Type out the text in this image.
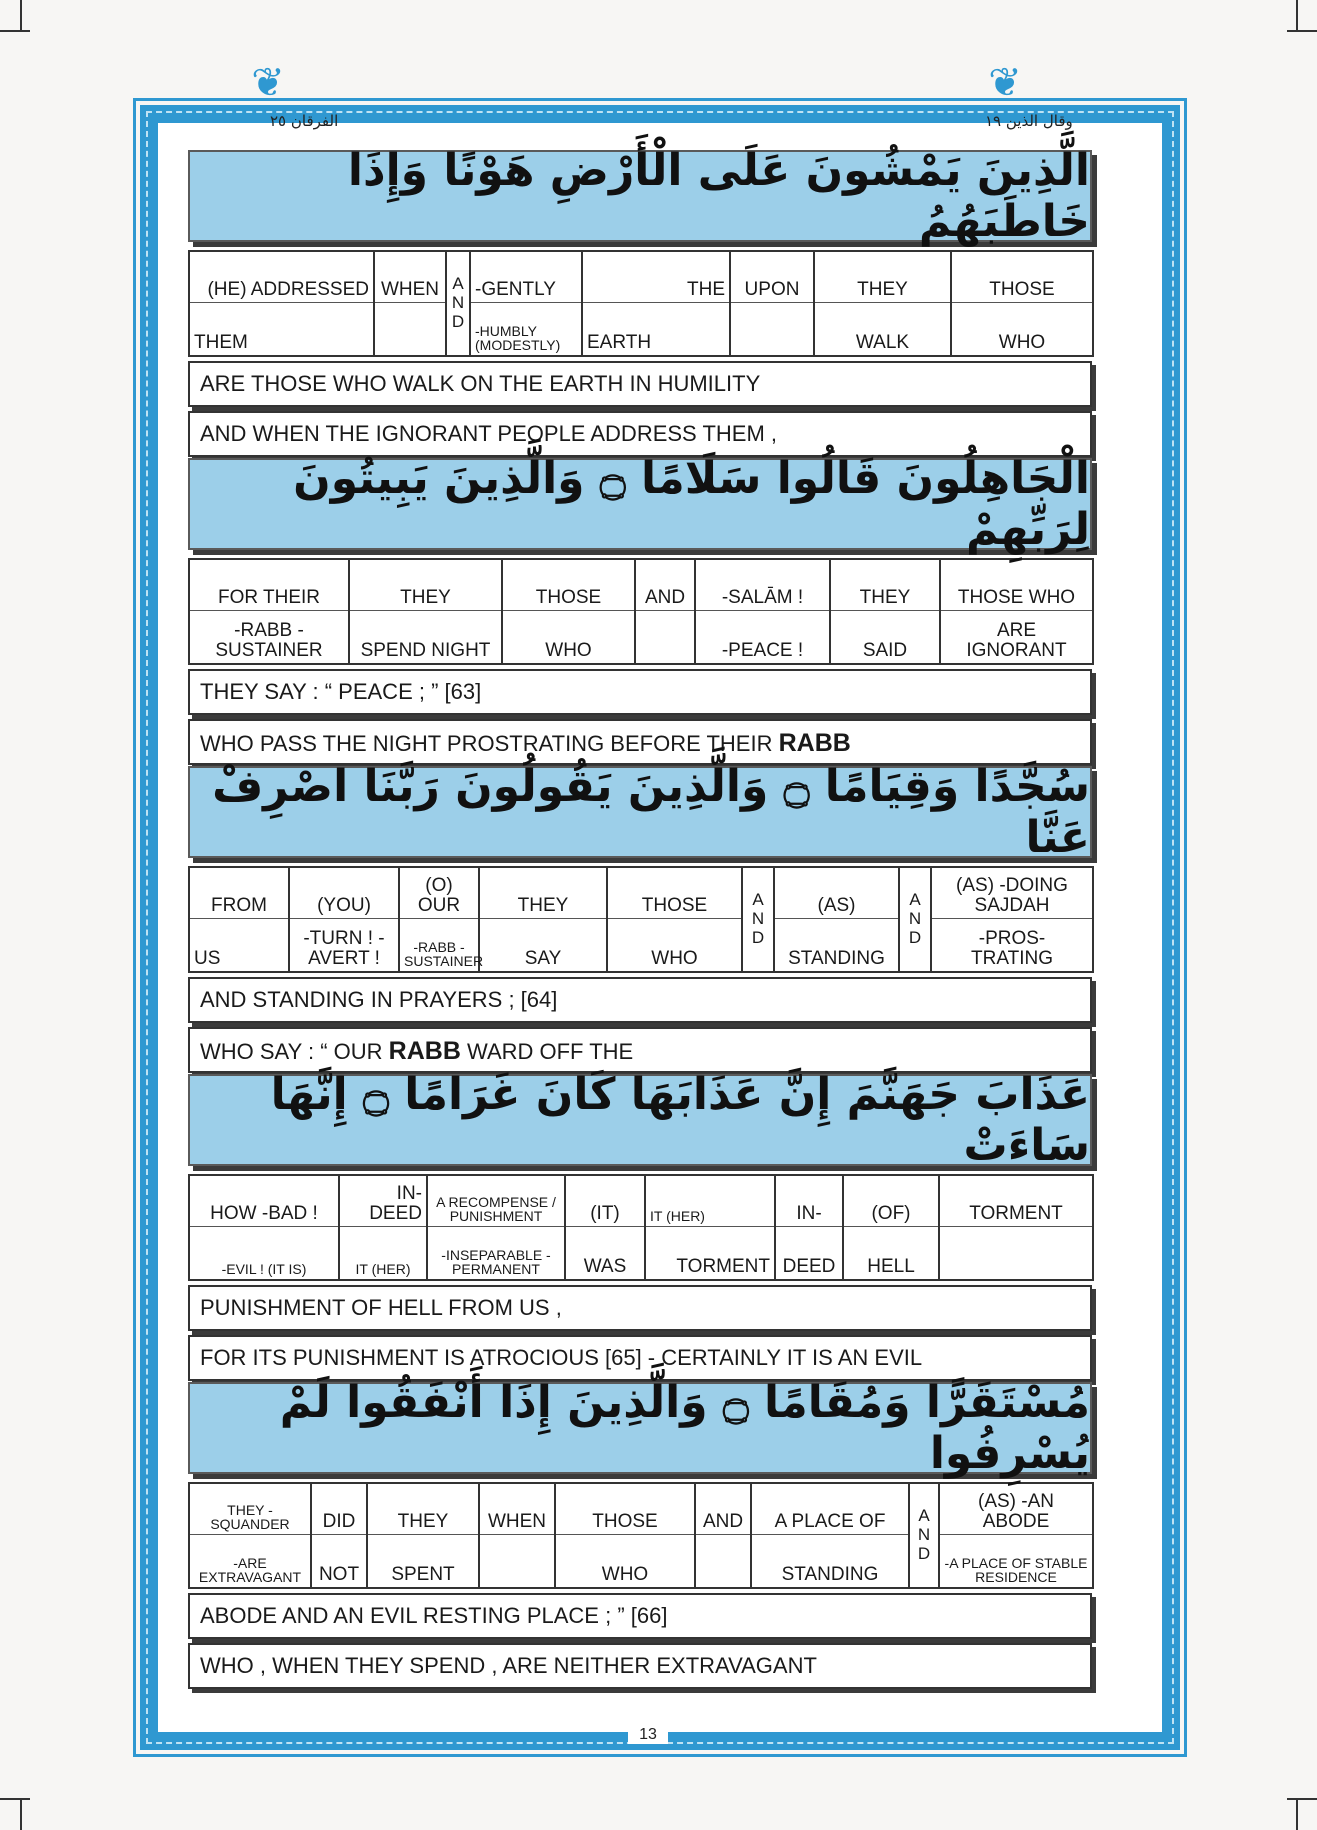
❦	❦
الفرقان ٢٥	وقال الذين ١٩
الَّذِينَ يَمْشُونَ عَلَى الْأَرْضِ هَوْنًا وَإِذَا خَاطَبَهُمُ
(HE) ADDRESSED	WHEN	A N D	-GENTLY	THE	UPON	THEY	THOSE
THEM			-HUMBLY (MODESTLY)	EARTH		WALK	WHO
ARE THOSE WHO WALK ON THE EARTH IN HUMILITY
AND WHEN THE IGNORANT PEOPLE ADDRESS THEM ,
الْجَاهِلُونَ قَالُوا سَلَامًا ۝ وَالَّذِينَ يَبِيتُونَ لِرَبِّهِمْ
FOR THEIR	THEY	THOSE	AND	-SALĀM !	THEY	THOSE WHO
-RABB -SUSTAINER	SPEND NIGHT	WHO		-PEACE !	SAID	ARE IGNORANT
THEY SAY : “ PEACE ; ” [63]
WHO PASS THE NIGHT PROSTRATING BEFORE THEIR RABB
سُجَّدًا وَقِيَامًا ۝ وَالَّذِينَ يَقُولُونَ رَبَّنَا اصْرِفْ عَنَّا
FROM	(YOU)	(O) OUR	THEY	THOSE	A N D	(AS)	A N D	(AS) -DOING SAJDAH
US	-TURN ! -AVERT !	-RABB -SUSTAINER	SAY	WHO		STANDING		-PROS- TRATING
AND STANDING IN PRAYERS ; [64]
WHO SAY : “ OUR RABB WARD OFF THE
عَذَابَ جَهَنَّمَ إِنَّ عَذَابَهَا كَانَ غَرَامًا ۝ إِنَّهَا سَاءَتْ
HOW -BAD !	IN- DEED	A RECOMPENSE / PUNISHMENT	(IT)	IT (HER)	IN-	(OF)	TORMENT
-EVIL ! (IT IS)	IT (HER)	-INSEPARABLE -PERMANENT	WAS	TORMENT	DEED	HELL	
PUNISHMENT OF HELL FROM US ,
FOR ITS PUNISHMENT IS ATROCIOUS [65] - CERTAINLY IT IS AN EVIL
مُسْتَقَرًّا وَمُقَامًا ۝ وَالَّذِينَ إِذَا أَنْفَقُوا لَمْ يُسْرِفُوا
THEY -SQUANDER	DID	THEY	WHEN	THOSE	AND	A PLACE OF	A N D	(AS) -AN ABODE
-ARE EXTRAVAGANT	NOT	SPENT		WHO		STANDING		-A PLACE OF STABLE RESIDENCE
ABODE AND AN EVIL RESTING PLACE ; ” [66]
WHO , WHEN THEY SPEND , ARE NEITHER EXTRAVAGANT
13
